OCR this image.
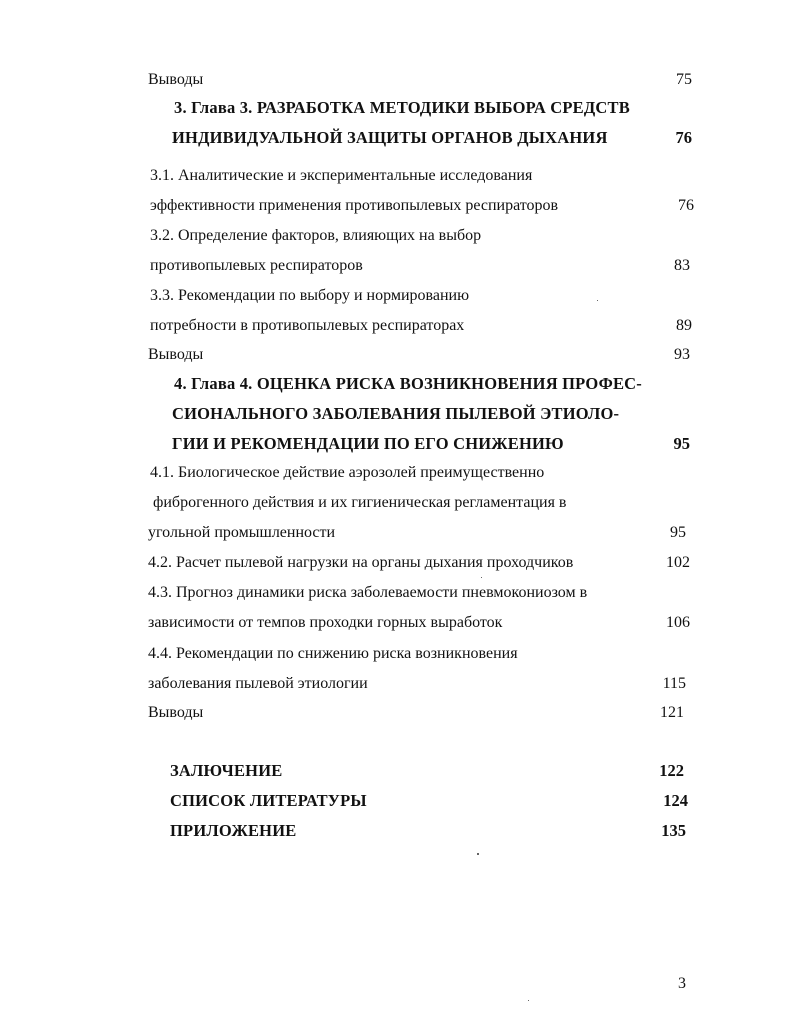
Выводы	75
3. Глава 3. РАЗРАБОТКА МЕТОДИКИ ВЫБОРА СРЕДСТВ
ИНДИВИДУАЛЬНОЙ ЗАЩИТЫ ОРГАНОВ ДЫХАНИЯ	76
3.1. Аналитические и экспериментальные исследования
эффективности применения противопылевых респираторов	76
3.2. Определение факторов, влияющих на выбор
противопылевых респираторов	83
3.3. Рекомендации по выбору и нормированию
потребности в противопылевых респираторах	89
Выводы	93
4. Глава 4. ОЦЕНКА РИСКА ВОЗНИКНОВЕНИЯ ПРОФЕС-
СИОНАЛЬНОГО ЗАБОЛЕВАНИЯ ПЫЛЕВОЙ ЭТИОЛО-
ГИИ И РЕКОМЕНДАЦИИ ПО ЕГО СНИЖЕНИЮ	95
4.1. Биологическое действие аэрозолей преимущественно
фиброгенного действия и их гигиеническая регламентация в
угольной промышленности	95
4.2. Расчет пылевой нагрузки на органы дыхания проходчиков	102
4.3. Прогноз динамики риска заболеваемости пневмокониозом в
зависимости от темпов проходки горных выработок	106
4.4. Рекомендации по снижению риска возникновения
заболевания пылевой этиологии	115
Выводы	121
ЗАЛЮЧЕНИЕ	122
СПИСОК ЛИТЕРАТУРЫ	124
ПРИЛОЖЕНИЕ	135
3
